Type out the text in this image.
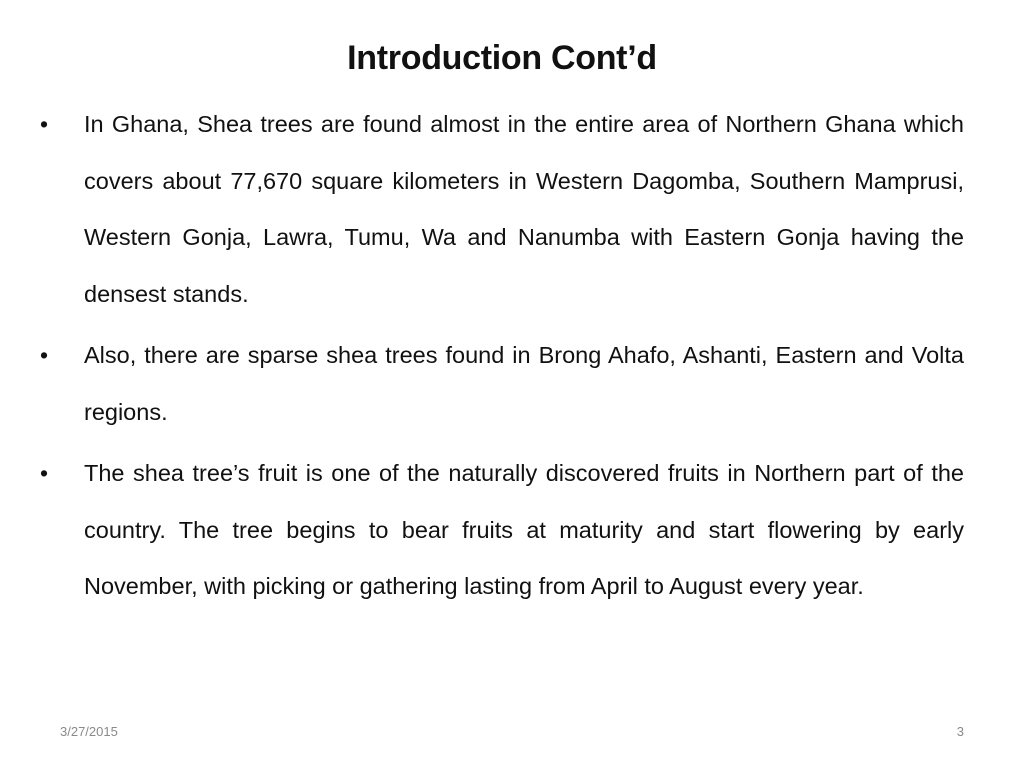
Introduction Cont’d
• In Ghana, Shea trees are found almost in the entire area of Northern Ghana which covers about 77,670 square kilometers in Western Dagomba, Southern Mamprusi, Western Gonja, Lawra, Tumu, Wa and Nanumba with Eastern Gonja having the densest stands.
• Also, there are sparse shea trees found in Brong Ahafo, Ashanti, Eastern and Volta regions.
• The shea tree’s fruit is one of the naturally discovered fruits in Northern part of the country. The tree begins to bear fruits at maturity and start flowering by early November, with picking or gathering lasting from April to August every year.
3/27/2015	3
